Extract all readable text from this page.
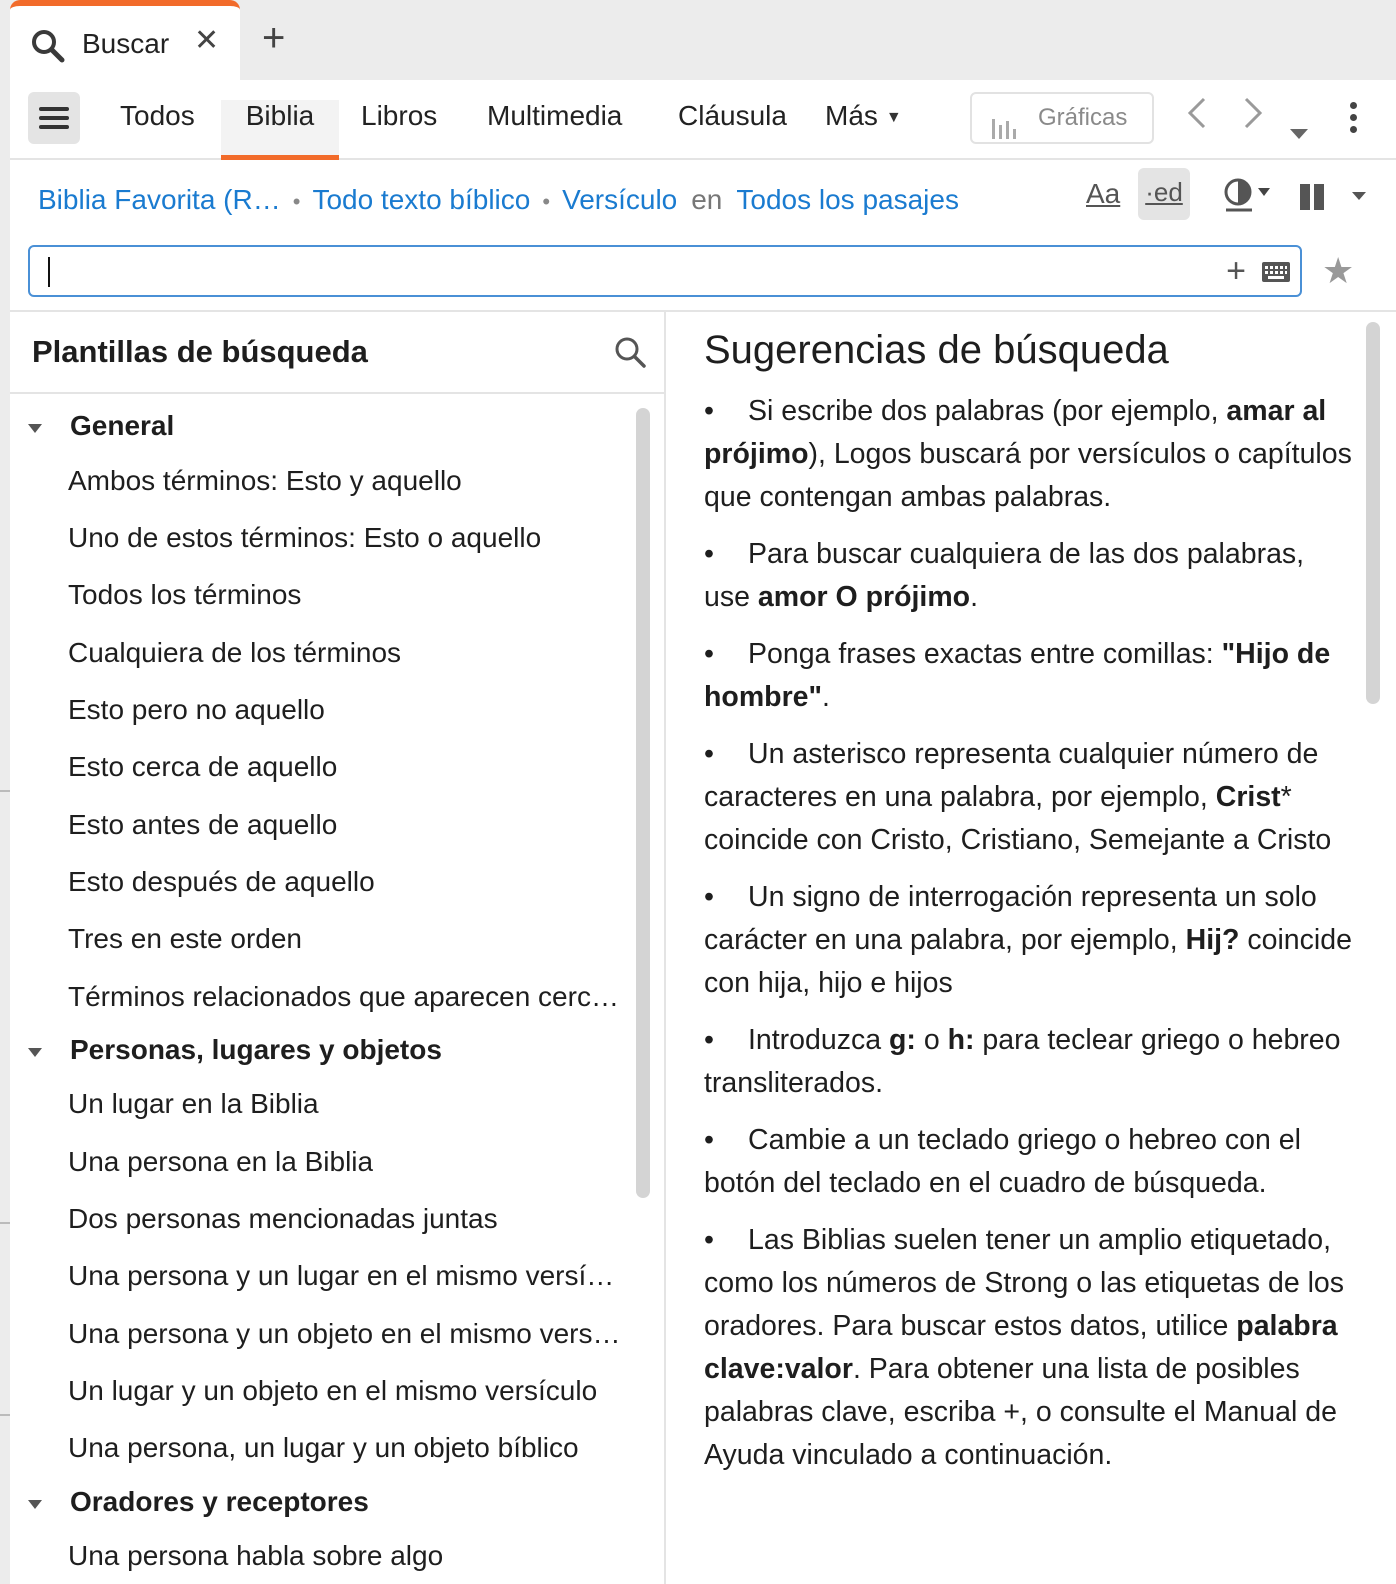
Buscar ✕ +
Todos	Biblia	Libros Multimedia Cláusula Más ▼	Gráficas
Biblia Favorita (R… • Todo texto bíblico • Versículo en Todos los pasajes	Aa ·ed
+ ★
Plantillas de búsqueda
General
Ambos términos: Esto y aquello
Uno de estos términos: Esto o aquello
Todos los términos
Cualquiera de los términos
Esto pero no aquello
Esto cerca de aquello
Esto antes de aquello
Esto después de aquello
Tres en este orden
Términos relacionados que aparecen cerc…
Personas, lugares y objetos
Un lugar en la Biblia
Una persona en la Biblia
Dos personas mencionadas juntas
Una persona y un lugar en el mismo versí…
Una persona y un objeto en el mismo vers…
Un lugar y un objeto en el mismo versículo
Una persona, un lugar y un objeto bíblico
Oradores y receptores
Una persona habla sobre algo
Sugerencias de búsqueda
• Si escribe dos palabras (por ejemplo, amar al prójimo), Logos buscará por versículos o capítulos que contengan ambas palabras.
• Para buscar cualquiera de las dos palabras, use amor O prójimo.
• Ponga frases exactas entre comillas: "Hijo de hombre".
• Un asterisco representa cualquier número de caracteres en una palabra, por ejemplo, Crist* coincide con Cristo, Cristiano, Semejante a Cristo
• Un signo de interrogación representa un solo carácter en una palabra, por ejemplo, Hij? coincide con hija, hijo e hijos
• Introduzca g: o h: para teclear griego o hebreo transliterados.
• Cambie a un teclado griego o hebreo con el botón del teclado en el cuadro de búsqueda.
• Las Biblias suelen tener un amplio etiquetado, como los números de Strong o las etiquetas de los oradores. Para buscar estos datos, utilice palabra clave:valor. Para obtener una lista de posibles palabras clave, escriba +, o consulte el Manual de Ayuda vinculado a continuación.
